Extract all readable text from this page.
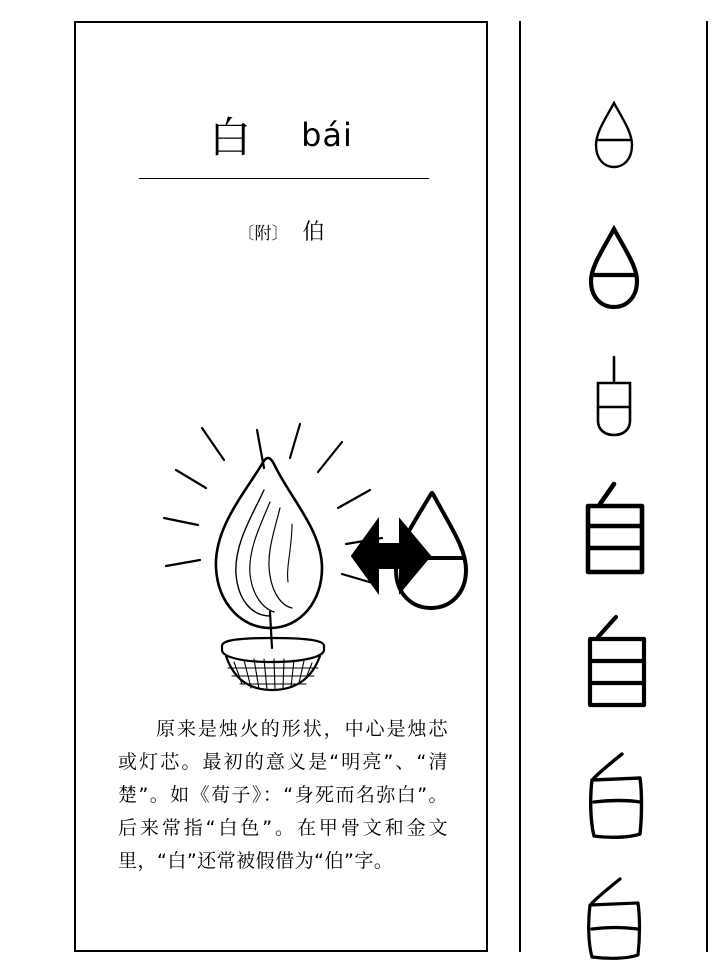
白 bái
〔附〕 伯

原来是烛火的形状，中心是烛芯或灯芯。最初的意义是“明亮”、“清楚”。如《荀子》：“身死而名弥白”。后来常指“白色”。在甲骨文和金文里，“白”还常被假借为“伯”字。
